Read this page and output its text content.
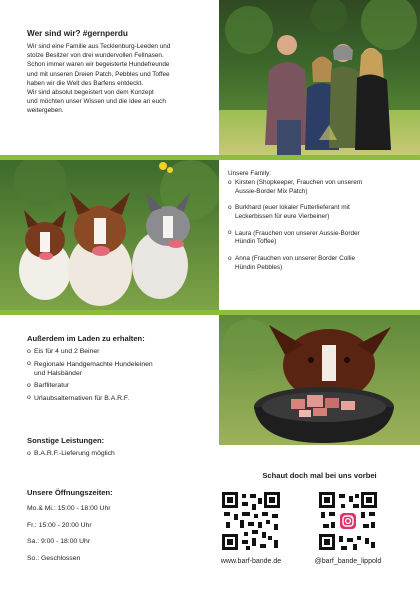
Wer sind wir? #gernperdu
Wir sind eine Familie aus Tecklenburg-Leeden und
stolze Besitzer von drei wundervollen Fellnasen.
Schon immer waren wir begeisterte Hundefreunde
und mit unseren Dreien Patch, Pebbles und Toffee
haben wir die Welt des Barfens entdeckt.
Wir sind absolut begeistert von dem Konzept
und möchten unser Wissen und die Idee an euch
weitergeben.
Unsere Family:
o Kirsten (Shopkeeper, Frauchen von unserem
Aussie-Border Mix Patch)
o Burkhard (euer lokaler Futterlieferant mit
Leckerbissen für eure Vierbeiner)
o Laura (Frauchen von unserer Aussie-Border
Hündin Toffee)
o Anna (Frauchen von unserer Border Collie
Hündin Pebbles)
Außerdem im Laden zu erhalten:
o Eis für 4 und 2 Beiner
o Regionale Handgemachte Hundeleinen
und Halsbänder
o Barfliteratur
o Urlaubsalternativen für B.A.R.F.
Sonstige Leistungen:
o B.A.R.F.-Lieferung möglich
Unsere Öffnungszeiten:
Mo.& Mi.: 15:00 - 18:00 Uhr
Fr.: 15:00 - 20:00 Uhr
Sa.: 9:00 - 18:00 Uhr
So.: Geschlossen
Schaut doch mal bei uns vorbei
www.barf-bande.de	@barf_bande_lippold
